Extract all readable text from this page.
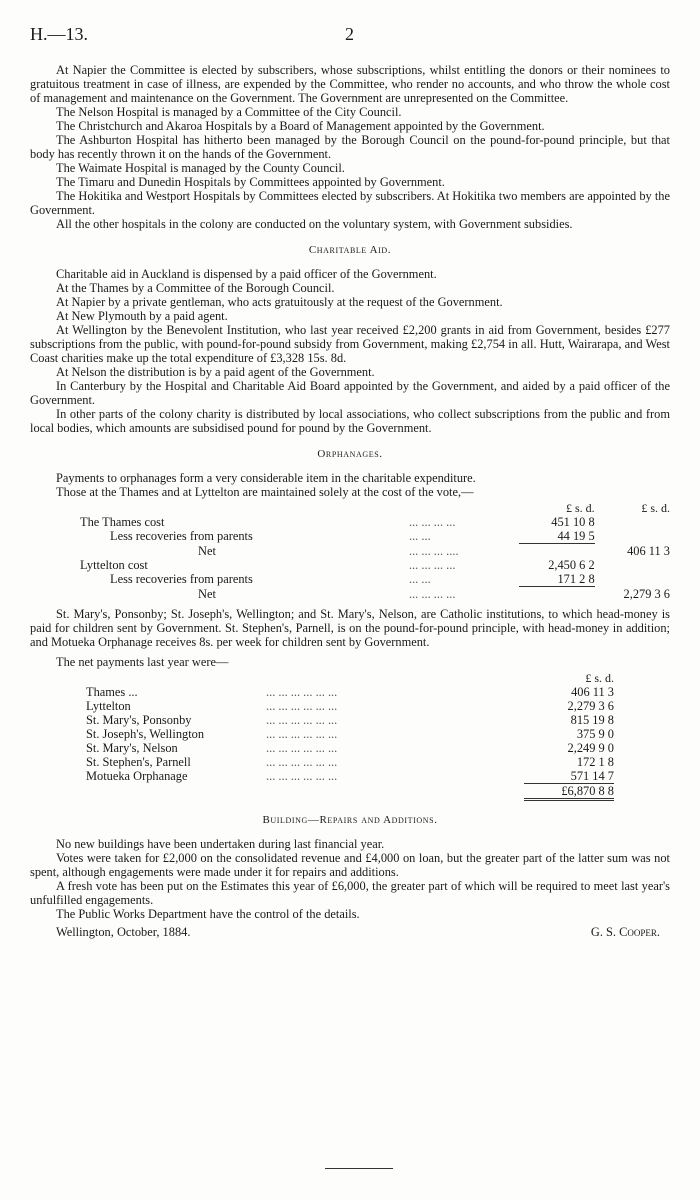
H.—13.	2

At Napier the Committee is elected by subscribers, whose subscriptions, whilst entitling the donors or their nominees to gratuitous treatment in case of illness, are expended by the Committee, who render no accounts, and who throw the whole cost of management and maintenance on the Government. The Government are unrepresented on the Committee.

The Nelson Hospital is managed by a Committee of the City Council.

The Christchurch and Akaroa Hospitals by a Board of Management appointed by the Government.

The Ashburton Hospital has hitherto been managed by the Borough Council on the pound-for-pound principle, but that body has recently thrown it on the hands of the Government.

The Waimate Hospital is managed by the County Council.

The Timaru and Dunedin Hospitals by Committees appointed by Government.

The Hokitika and Westport Hospitals by Committees elected by subscribers. At Hokitika two members are appointed by the Government.

All the other hospitals in the colony are conducted on the voluntary system, with Government subsidies.

Charitable Aid.

Charitable aid in Auckland is dispensed by a paid officer of the Government.

At the Thames by a Committee of the Borough Council.

At Napier by a private gentleman, who acts gratuitously at the request of the Government.

At New Plymouth by a paid agent.

At Wellington by the Benevolent Institution, who last year received £2,200 grants in aid from Government, besides £277 subscriptions from the public, with pound-for-pound subsidy from Government, making £2,754 in all. Hutt, Wairarapa, and West Coast charities make up the total expenditure of £3,328 15s. 8d.

At Nelson the distribution is by a paid agent of the Government.

In Canterbury by the Hospital and Charitable Aid Board appointed by the Government, and aided by a paid officer of the Government.

In other parts of the colony charity is distributed by local associations, who collect subscriptions from the public and from local bodies, which amounts are subsidised pound for pound by the Government.

Orphanages.

Payments to orphanages form a very considerable item in the charitable expenditure.

Those at the Thames and at Lyttelton are maintained solely at the cost of the vote,—

		£ s. d.	£ s. d.
The Thames cost	... ... ... ...	451 10 8	
Less recoveries from parents	... ...	44 19 5	
Net	... ... ... ....		406 11 3
Lyttelton cost	... ... ... ...	2,450 6 2	
Less recoveries from parents	... ...	171 2 8	
Net	... ... ... ...		2,279 3 6

St. Mary's, Ponsonby; St. Joseph's, Wellington; and St. Mary's, Nelson, are Catholic institutions, to which head-money is paid for children sent by Government. St. Stephen's, Parnell, is on the pound-for-pound principle, with head-money in addition; and Motueka Orphanage receives 8s. per week for children sent by Government.

The net payments last year were—

		£ s. d.
Thames ...	... ... ... ... ... ...	406 11 3
Lyttelton	... ... ... ... ... ...	2,279 3 6
St. Mary's, Ponsonby	... ... ... ... ... ...	815 19 8
St. Joseph's, Wellington	... ... ... ... ... ...	375 9 0
St. Mary's, Nelson	... ... ... ... ... ...	2,249 9 0
St. Stephen's, Parnell	... ... ... ... ... ...	172 1 8
Motueka Orphanage	... ... ... ... ... ...	571 14 7
		£6,870 8 8
Building—Repairs and Additions.

No new buildings have been undertaken during last financial year.

Votes were taken for £2,000 on the consolidated revenue and £4,000 on loan, but the greater part of the latter sum was not spent, although engagements were made under it for repairs and additions.

A fresh vote has been put on the Estimates this year of £6,000, the greater part of which will be required to meet last year's unfulfilled engagements.

The Public Works Department have the control of the details.

Wellington, October, 1884.	G. S. Cooper.
